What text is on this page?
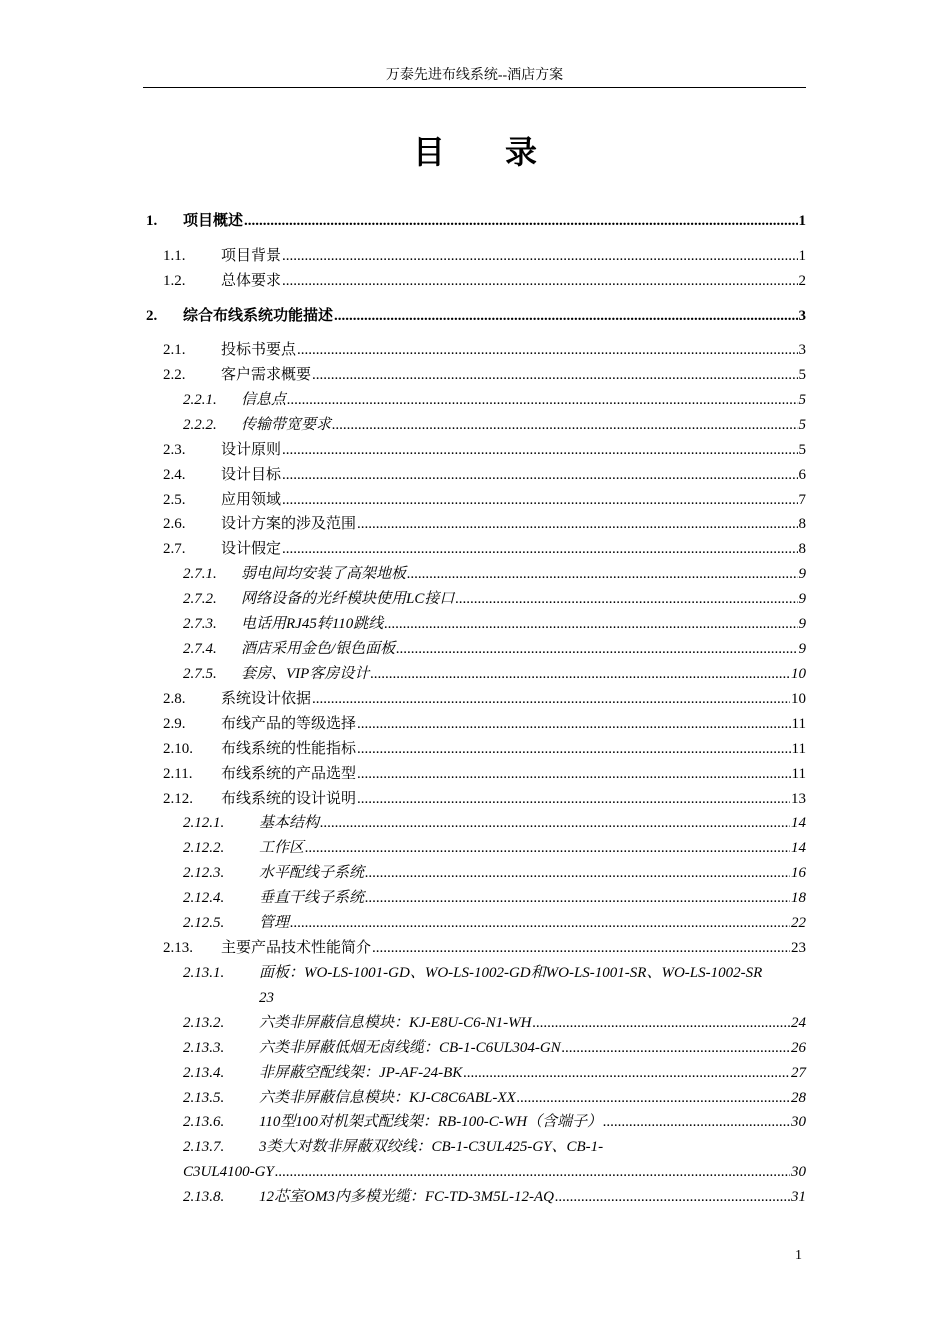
万泰先进布线系统--酒店方案
目录
1. 项目概述 .....	1
1.1. 项目背景 .....	1
1.2. 总体要求 .....	2
2. 综合布线系统功能描述 .....	3
2.1. 投标书要点 .....	3
2.2. 客户需求概要 .....	5
2.2.1. 信息点 .....	5
2.2.2. 传输带宽要求 .....	5
2.3. 设计原则 .....	5
2.4. 设计目标 .....	6
2.5. 应用领域 .....	7
2.6. 设计方案的涉及范围 .....	8
2.7. 设计假定 .....	8
2.7.1. 弱电间均安装了高架地板 .....	9
2.7.2. 网络设备的光纤模块使用LC接口 .....	9
2.7.3. 电话用RJ45转110跳线 .....	9
2.7.4. 酒店采用金色/银色面板 .....	9
2.7.5. 套房、VIP客房设计 .....	10
2.8. 系统设计依据 .....	10
2.9. 布线产品的等级选择 .....	11
2.10. 布线系统的性能指标 .....	11
2.11. 布线系统的产品选型 .....	11
2.12. 布线系统的设计说明 .....	13
2.12.1. 基本结构 .....	14
2.12.2. 工作区 .....	14
2.12.3. 水平配线子系统 .....	16
2.12.4. 垂直干线子系统 .....	18
2.12.5. 管理 .....	22
2.13. 主要产品技术性能简介 .....	23
2.13.1. 面板：WO-LS-1001-GD、WO-LS-1002-GD和WO-LS-1001-SR、WO-LS-1002-SR
23
2.13.2. 六类非屏蔽信息模块：KJ-E8U-C6-N1-WH .....	24
2.13.3. 六类非屏蔽低烟无卤线缆：CB-1-C6UL304-GN .....	26
2.13.4. 非屏蔽空配线架：JP-AF-24-BK .....	27
2.13.5. 六类非屏蔽信息模块：KJ-C8C6ABL-XX .....	28
2.13.6. 110型100对机架式配线架：RB-100-C-WH（含端子） .....	30
2.13.7. 3类大对数非屏蔽双绞线：CB-1-C3UL425-GY、CB-1-
C3UL4100-GY .....	30
2.13.8. 12芯室OM3内多模光缆：FC-TD-3M5L-12-AQ .....	31
1
